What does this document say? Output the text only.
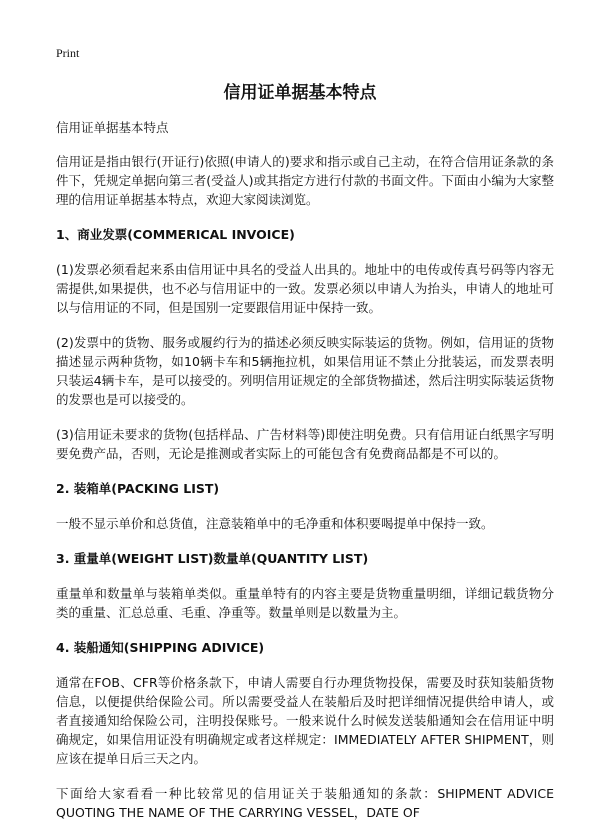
Print
信用证单据基本特点

信用证单据基本特点

信用证是指由银行(开证行)依照(申请人的)要求和指示或自己主动，在符合信用证条款的条件下，凭规定单据向第三者(受益人)或其指定方进行付款的书面文件。下面由小编为大家整理的信用证单据基本特点，欢迎大家阅读浏览。

1、商业发票(COMMERICAL INVOICE)

(1)发票必须看起来系由信用证中具名的受益人出具的。地址中的电传或传真号码等内容无需提供,如果提供，也不必与信用证中的一致。发票必须以申请人为抬头，申请人的地址可以与信用证的不同，但是国别一定要跟信用证中保持一致。

(2)发票中的货物、服务或履约行为的描述必须反映实际装运的货物。例如，信用证的货物描述显示两种货物，如10辆卡车和5辆拖拉机，如果信用证不禁止分批装运，而发票表明只装运4辆卡车，是可以接受的。列明信用证规定的全部货物描述，然后注明实际装运货物的发票也是可以接受的。

(3)信用证未要求的货物(包括样品、广告材料等)即使注明免费。只有信用证白纸黑字写明要免费产品，否则，无论是推测或者实际上的可能包含有免费商品都是不可以的。

2. 装箱单(PACKING LIST)

一般不显示单价和总货值，注意装箱单中的毛净重和体积要喝提单中保持一致。

3. 重量单(WEIGHT LIST)数量单(QUANTITY LIST)

重量单和数量单与装箱单类似。重量单特有的内容主要是货物重量明细，详细记载货物分类的重量、汇总总重、毛重、净重等。数量单则是以数量为主。

4. 装船通知(SHIPPING ADIVICE)

通常在FOB、CFR等价格条款下，申请人需要自行办理货物投保，需要及时获知装船货物信息，以便提供给保险公司。所以需要受益人在装船后及时把详细情况提供给申请人，或者直接通知给保险公司，注明投保账号。一般来说什么时候发送装船通知会在信用证中明确规定，如果信用证没有明确规定或者这样规定：IMMEDIATELY AFTER SHIPMENT，则应该在提单日后三天之内。

下面给大家看看一种比较常见的信用证关于装船通知的条款：SHIPMENT ADVICE QUOTING THE NAME OF THE CARRYING VESSEL，DATE OF
